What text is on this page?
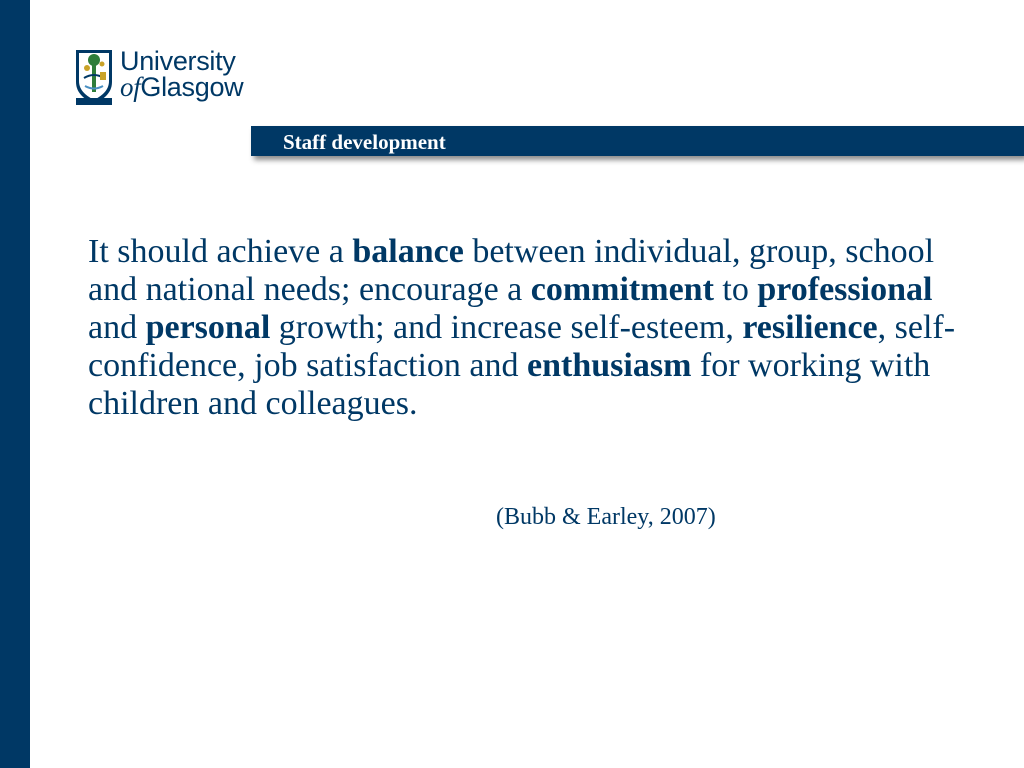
University
ofGlasgow
Staff development

It should achieve a balance between individual, group, school and national needs; encourage a commitment to professional and personal growth; and increase self-esteem, resilience, self-confidence, job satisfaction and enthusiasm for working with children and colleagues.

(Bubb & Earley, 2007)
